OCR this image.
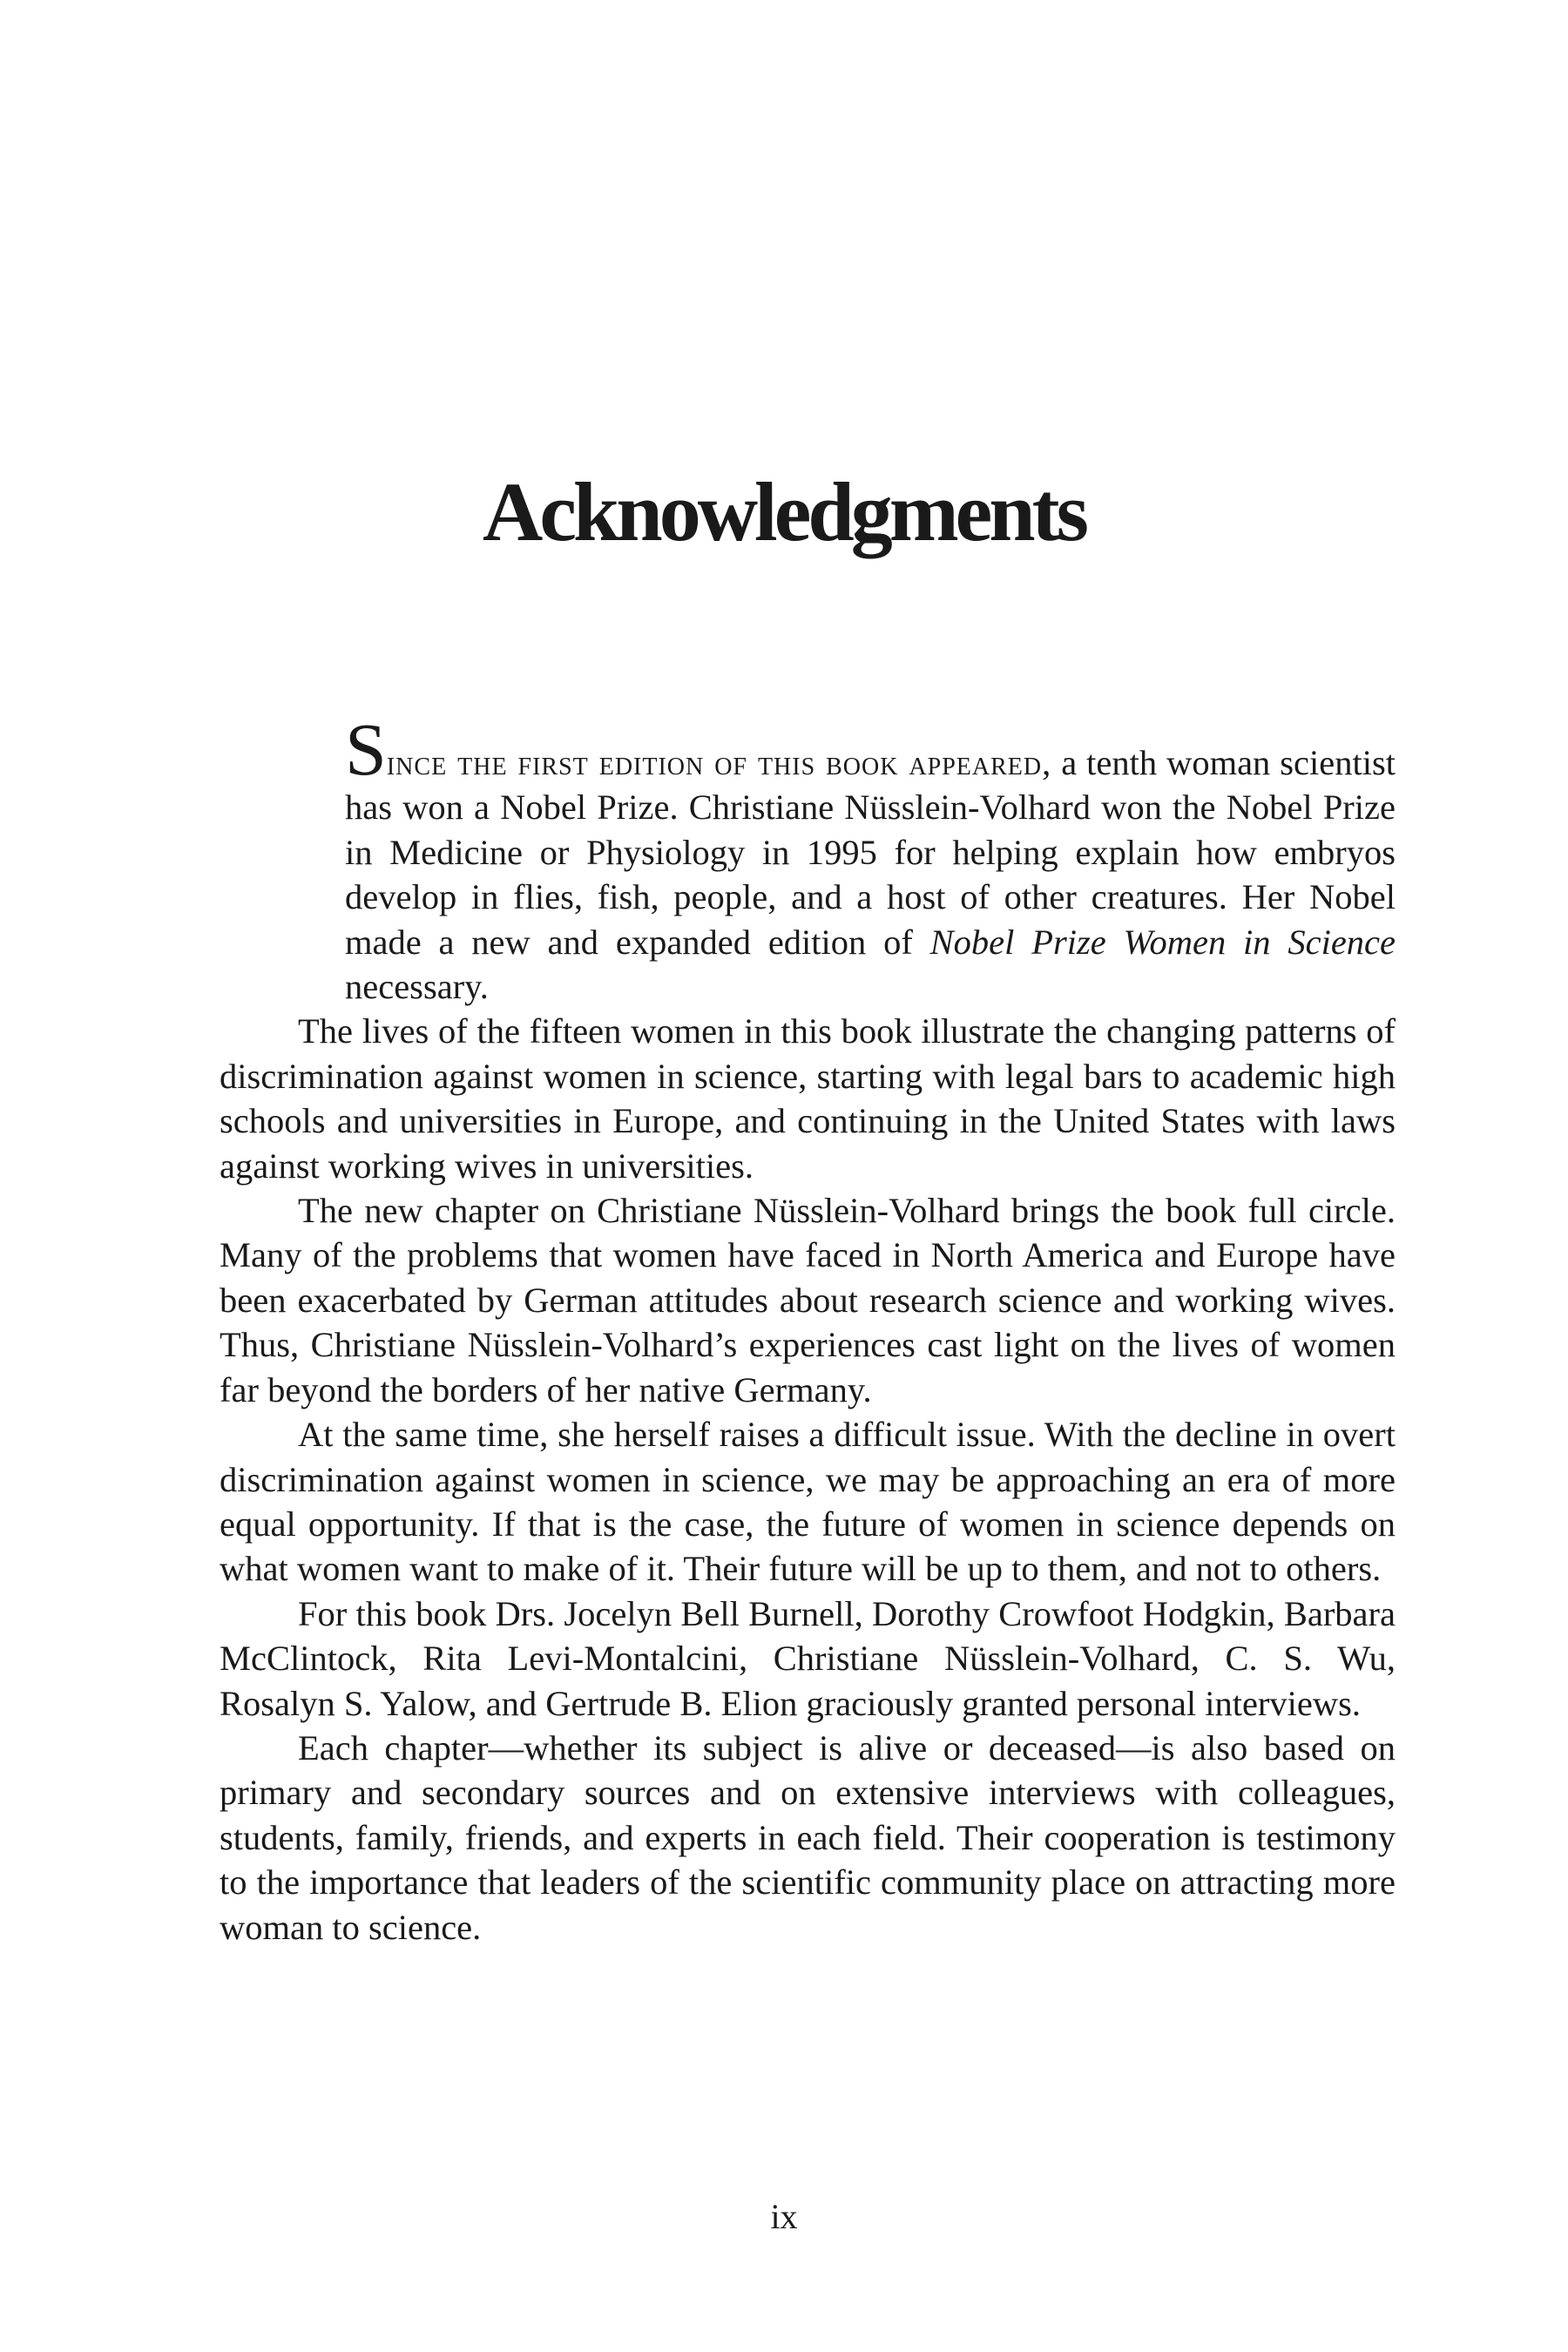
Acknowledgments

Since the first edition of this book appeared, a tenth woman scientist has won a Nobel Prize. Christiane Nüsslein-Volhard won the Nobel Prize in Medicine or Physiology in 1995 for helping explain how embryos develop in flies, fish, people, and a host of other creatures. Her Nobel made a new and expanded edition of Nobel Prize Women in Science necessary.

The lives of the fifteen women in this book illustrate the changing patterns of discrimination against women in science, starting with legal bars to academic high schools and universities in Europe, and continuing in the United States with laws against working wives in universities.

The new chapter on Christiane Nüsslein-Volhard brings the book full circle. Many of the problems that women have faced in North America and Europe have been exacerbated by German attitudes about research science and working wives. Thus, Christiane Nüsslein-Volhard’s experiences cast light on the lives of women far beyond the borders of her native Germany.

At the same time, she herself raises a difficult issue. With the decline in overt discrimination against women in science, we may be approaching an era of more equal opportunity. If that is the case, the future of women in science depends on what women want to make of it. Their future will be up to them, and not to others.

For this book Drs. Jocelyn Bell Burnell, Dorothy Crowfoot Hodgkin, Barbara McClintock, Rita Levi-Montalcini, Christiane Nüsslein-Volhard, C. S. Wu, Rosalyn S. Yalow, and Gertrude B. Elion graciously granted personal interviews.

Each chapter—whether its subject is alive or deceased—is also based on primary and secondary sources and on extensive interviews with colleagues, students, family, friends, and experts in each field. Their cooperation is testimony to the importance that leaders of the scientific community place on attracting more woman to science.

ix
